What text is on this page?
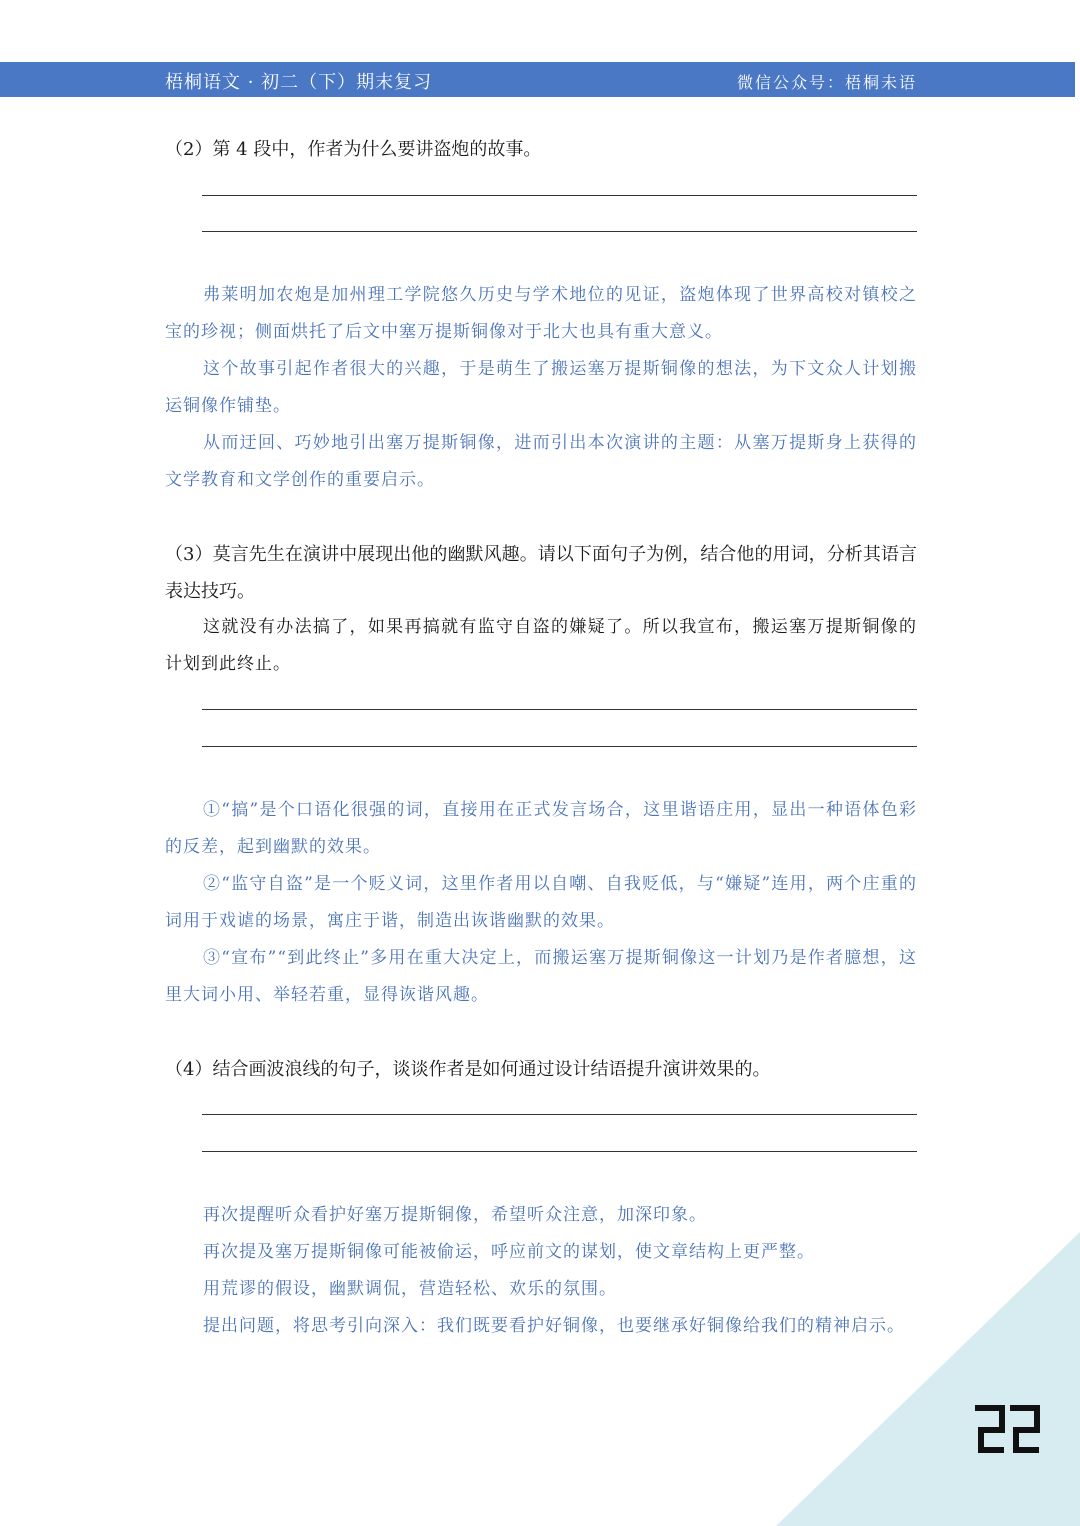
梧桐语文 · 初二（下）期末复习	微信公众号：梧桐未语
（2）第 4 段中，作者为什么要讲盗炮的故事。

弗莱明加农炮是加州理工学院悠久历史与学术地位的见证，盗炮体现了世界高校对镇校之宝的珍视；侧面烘托了后文中塞万提斯铜像对于北大也具有重大意义。

这个故事引起作者很大的兴趣，于是萌生了搬运塞万提斯铜像的想法，为下文众人计划搬运铜像作铺垫。

从而迂回、巧妙地引出塞万提斯铜像，进而引出本次演讲的主题：从塞万提斯身上获得的文学教育和文学创作的重要启示。

（3）莫言先生在演讲中展现出他的幽默风趣。请以下面句子为例，结合他的用词，分析其语言表达技巧。

这就没有办法搞了，如果再搞就有监守自盗的嫌疑了。所以我宣布，搬运塞万提斯铜像的计划到此终止。

①“搞”是个口语化很强的词，直接用在正式发言场合，这里谐语庄用，显出一种语体色彩的反差，起到幽默的效果。

②“监守自盗”是一个贬义词，这里作者用以自嘲、自我贬低，与“嫌疑”连用，两个庄重的词用于戏谑的场景，寓庄于谐，制造出诙谐幽默的效果。

③“宣布”“到此终止”多用在重大决定上，而搬运塞万提斯铜像这一计划乃是作者臆想，这里大词小用、举轻若重，显得诙谐风趣。

（4）结合画波浪线的句子，谈谈作者是如何通过设计结语提升演讲效果的。

再次提醒听众看护好塞万提斯铜像，希望听众注意，加深印象。

再次提及塞万提斯铜像可能被偷运，呼应前文的谋划，使文章结构上更严整。

用荒谬的假设，幽默调侃，营造轻松、欢乐的氛围。

提出问题，将思考引向深入：我们既要看护好铜像，也要继承好铜像给我们的精神启示。
